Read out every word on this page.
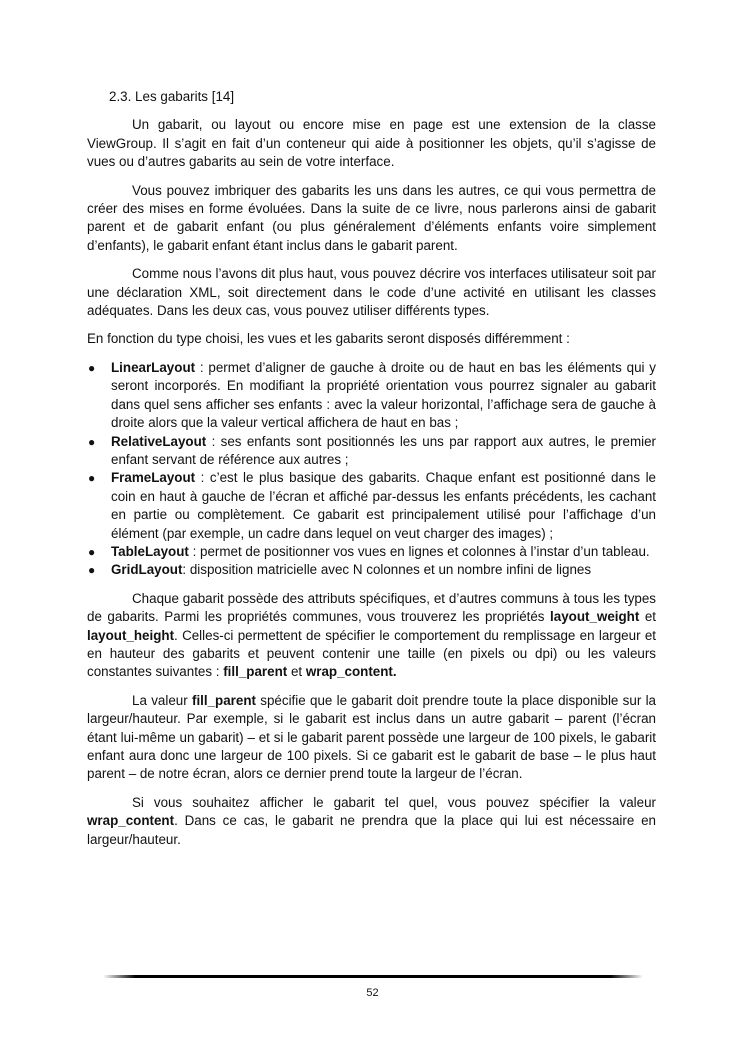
2.3. Les gabarits [14]

Un gabarit, ou layout ou encore mise en page est une extension de la classe ViewGroup. Il s’agit en fait d’un conteneur qui aide à positionner les objets, qu’il s’agisse de vues ou d’autres gabarits au sein de votre interface.

Vous pouvez imbriquer des gabarits les uns dans les autres, ce qui vous permettra de créer des mises en forme évoluées. Dans la suite de ce livre, nous parlerons ainsi de gabarit parent et de gabarit enfant (ou plus généralement d’éléments enfants voire simplement d’enfants), le gabarit enfant étant inclus dans le gabarit parent.

Comme nous l’avons dit plus haut, vous pouvez décrire vos interfaces utilisateur soit par une déclaration XML, soit directement dans le code d’une activité en utilisant les classes adéquates. Dans les deux cas, vous pouvez utiliser différents types.

En fonction du type choisi, les vues et les gabarits seront disposés différemment :

● LinearLayout : permet d’aligner de gauche à droite ou de haut en bas les éléments qui y seront incorporés. En modifiant la propriété orientation vous pourrez signaler au gabarit dans quel sens afficher ses enfants : avec la valeur horizontal, l’affichage sera de gauche à droite alors que la valeur vertical affichera de haut en bas ;
● RelativeLayout : ses enfants sont positionnés les uns par rapport aux autres, le premier enfant servant de référence aux autres ;
● FrameLayout : c’est le plus basique des gabarits. Chaque enfant est positionné dans le coin en haut à gauche de l’écran et affiché par-dessus les enfants précédents, les cachant en partie ou complètement. Ce gabarit est principalement utilisé pour l’affichage d’un élément (par exemple, un cadre dans lequel on veut charger des images) ;
● TableLayout : permet de positionner vos vues en lignes et colonnes à l’instar d’un tableau.
● GridLayout: disposition matricielle avec N colonnes et un nombre infini de lignes

Chaque gabarit possède des attributs spécifiques, et d’autres communs à tous les types de gabarits. Parmi les propriétés communes, vous trouverez les propriétés layout_weight et layout_height. Celles-ci permettent de spécifier le comportement du remplissage en largeur et en hauteur des gabarits et peuvent contenir une taille (en pixels ou dpi) ou les valeurs constantes suivantes : fill_parent et wrap_content.

La valeur fill_parent spécifie que le gabarit doit prendre toute la place disponible sur la largeur/hauteur. Par exemple, si le gabarit est inclus dans un autre gabarit – parent (l’écran étant lui-même un gabarit) – et si le gabarit parent possède une largeur de 100 pixels, le gabarit enfant aura donc une largeur de 100 pixels. Si ce gabarit est le gabarit de base – le plus haut parent – de notre écran, alors ce dernier prend toute la largeur de l’écran.

Si vous souhaitez afficher le gabarit tel quel, vous pouvez spécifier la valeur wrap_content. Dans ce cas, le gabarit ne prendra que la place qui lui est nécessaire en largeur/hauteur.

52
